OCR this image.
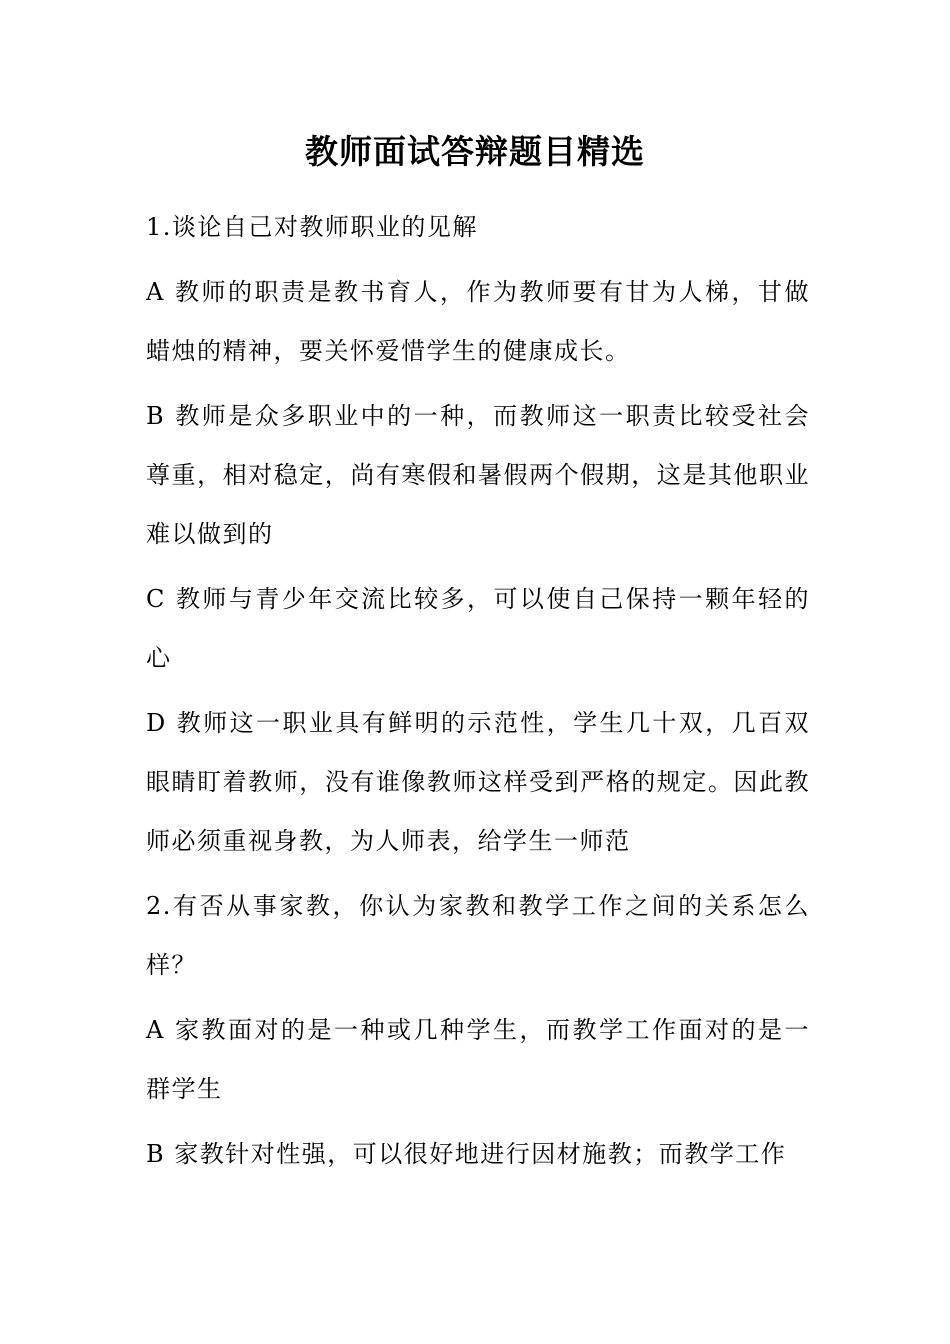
教师面试答辩题目精选

1.谈论自己对教师职业的见解

A 教师的职责是教书育人，作为教师要有甘为人梯，甘做蜡烛的精神，要关怀爱惜学生的健康成长。

B 教师是众多职业中的一种，而教师这一职责比较受社会尊重，相对稳定，尚有寒假和暑假两个假期，这是其他职业难以做到的

C 教师与青少年交流比较多，可以使自己保持一颗年轻的心

D 教师这一职业具有鲜明的示范性，学生几十双，几百双眼睛盯着教师，没有谁像教师这样受到严格的规定。因此教师必须重视身教，为人师表，给学生一师范

2.有否从事家教，你认为家教和教学工作之间的关系怎么样？

A 家教面对的是一种或几种学生，而教学工作面对的是一群学生

B 家教针对性强，可以很好地进行因材施教；而教学工作
